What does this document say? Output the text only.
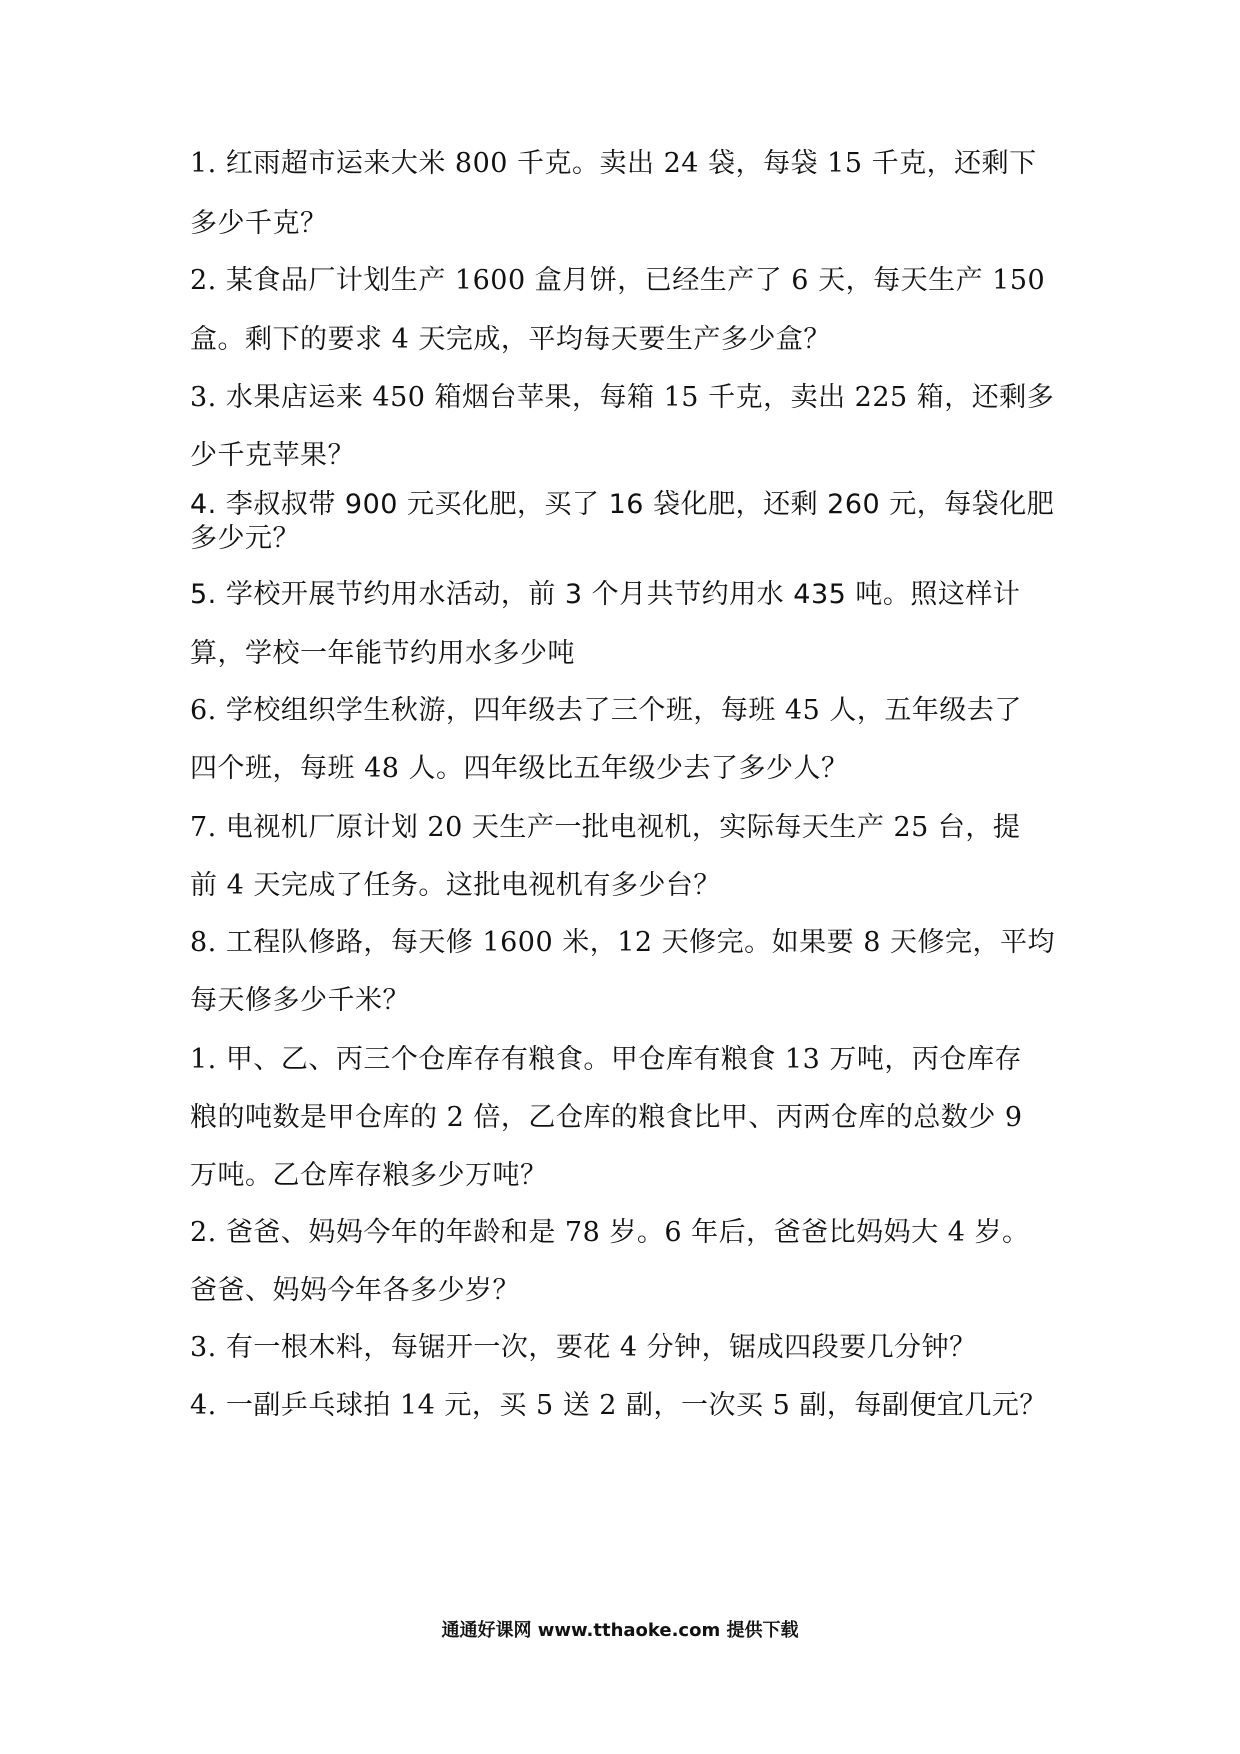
1. 红雨超市运来大米 800 千克。卖出 24 袋，每袋 15 千克，还剩下
多少千克？
2. 某食品厂计划生产 1600 盒月饼，已经生产了 6 天，每天生产 150
盒。剩下的要求 4 天完成，平均每天要生产多少盒？
3. 水果店运来 450 箱烟台苹果，每箱 15 千克，卖出 225 箱，还剩多
少千克苹果？
4. 李叔叔带 900 元买化肥，买了 16 袋化肥，还剩 260 元，每袋化肥
多少元？
5. 学校开展节约用水活动，前 3 个月共节约用水 435 吨。照这样计
算，学校一年能节约用水多少吨
6. 学校组织学生秋游，四年级去了三个班，每班 45 人，五年级去了
四个班，每班 48 人。四年级比五年级少去了多少人？
7. 电视机厂原计划 20 天生产一批电视机，实际每天生产 25 台，提
前 4 天完成了任务。这批电视机有多少台？
8. 工程队修路，每天修 1600 米，12 天修完。如果要 8 天修完，平均
每天修多少千米？
1. 甲、乙、丙三个仓库存有粮食。甲仓库有粮食 13 万吨，丙仓库存
粮的吨数是甲仓库的 2 倍，乙仓库的粮食比甲、丙两仓库的总数少 9
万吨。乙仓库存粮多少万吨？
2. 爸爸、妈妈今年的年龄和是 78 岁。6 年后，爸爸比妈妈大 4 岁。
爸爸、妈妈今年各多少岁？
3. 有一根木料，每锯开一次，要花 4 分钟，锯成四段要几分钟？
4. 一副乒乓球拍 14 元，买 5 送 2 副，一次买 5 副，每副便宜几元？
通通好课网 www.tthaoke.com 提供下载
